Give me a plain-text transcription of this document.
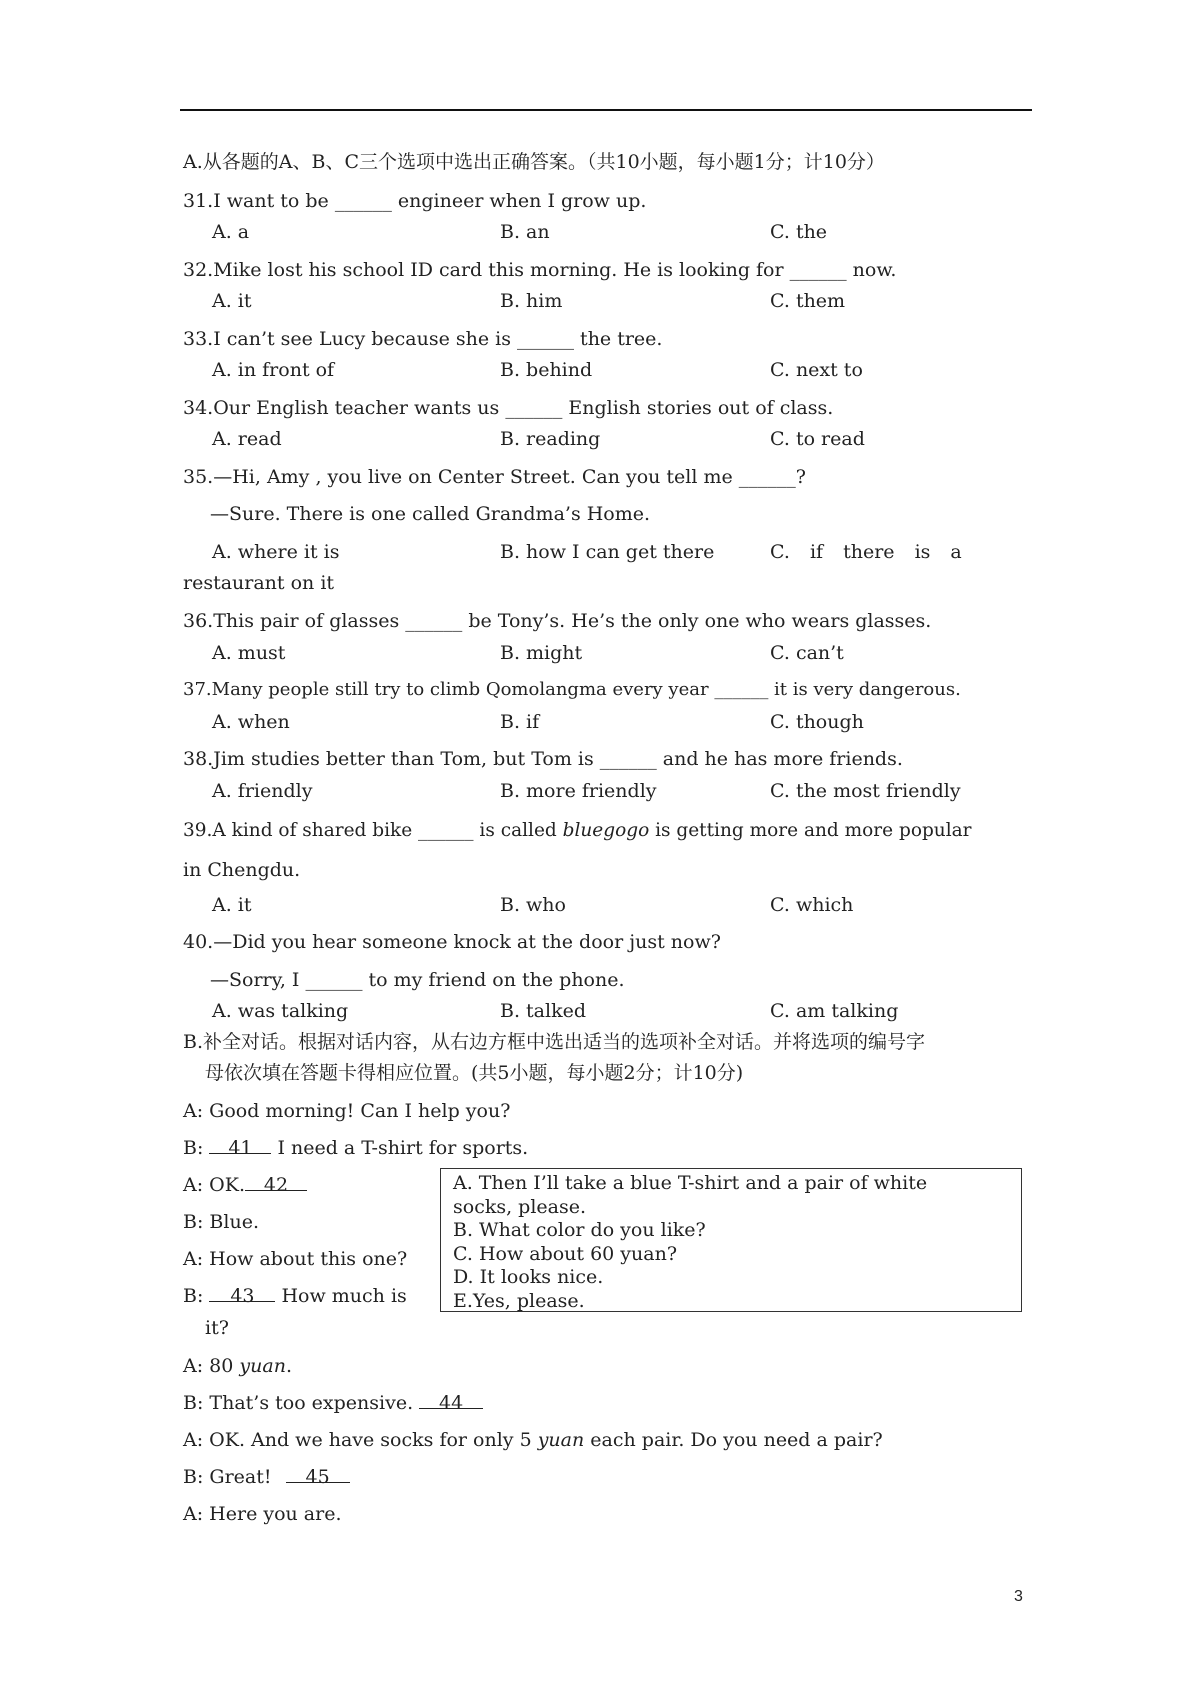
A.从各题的A、B、C三个选项中选出正确答案。（共10小题，每小题1分；计10分）
31.I want to be ______ engineer when I grow up.
A. a	B. an	C. the
32.Mike lost his school ID card this morning. He is looking for ______ now.
A. it	B. him	C. them
33.I can’t see Lucy because she is ______ the tree.
A. in front of	B. behind	C. next to
34.Our English teacher wants us ______ English stories out of class.
A. read	B. reading	C. to read
35.—Hi, Amy , you live on Center Street. Can you tell me ______?
—Sure. There is one called Grandma’s Home.
A. where it is	B. how I can get there	C. if there is a
restaurant on it
36.This pair of glasses ______ be Tony’s. He’s the only one who wears glasses.
A. must	B. might	C. can’t
37.Many people still try to climb Qomolangma every year ______ it is very dangerous.
A. when	B. if	C. though
38.Jim studies better than Tom, but Tom is ______ and he has more friends.
A. friendly	B. more friendly	C. the most friendly
39.A kind of shared bike ______ is called bluegogo is getting more and more popular
in Chengdu.
A. it	B. who	C. which
40.—Did you hear someone knock at the door just now?
—Sorry, I ______ to my friend on the phone.
A. was talking	B. talked	C. am talking
B.补全对话。根据对话内容，从右边方框中选出适当的选项补全对话。并将选项的编号字
母依次填在答题卡得相应位置。(共5小题，每小题2分；计10分)
A: Good morning! Can I help you?
B: 41 I need a T-shirt for sports.
A: OK. 42
B: Blue.
A: How about this one?
B: 43 How much is
it?
A: 80 yuan.
B: That’s too expensive. 44
A: OK. And we have socks for only 5 yuan each pair. Do you need a pair?
B: Great! 45
A: Here you are.
A. Then I’ll take a blue T-shirt and a pair of white
socks, please.
B. What color do you like?
C. How about 60 yuan?
D. It looks nice.
E.Yes, please.
3
